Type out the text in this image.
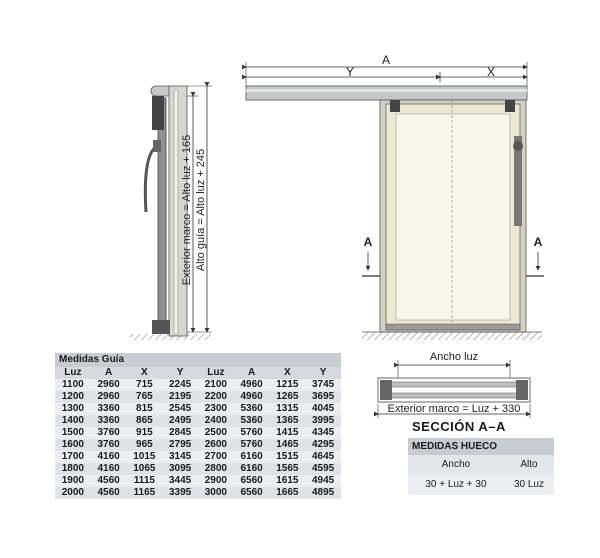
Exterior marco = Alto luz + 165 Alto guía = Alto luz + 245
A
Y	X
A	A
Ancho luz
Exterior marco = Luz + 330
Medidas Guía							
Luz	A	X	Y	Luz	A	X	Y
1100	2960	715	2245	2100	4960	1215	3745
1200	2960	765	2195	2200	4960	1265	3695
1300	3360	815	2545	2300	5360	1315	4045
1400	3360	865	2495	2400	5360	1365	3995
1500	3760	915	2845	2500	5760	1415	4345
1600	3760	965	2795	2600	5760	1465	4295
1700	4160	1015	3145	2700	6160	1515	4645
1800	4160	1065	3095	2800	6160	1565	4595
1900	4560	1115	3445	2900	6560	1615	4945
2000	4560	1165	3395	3000	6560	1665	4895
SECCIÓN A–A
MEDIDAS HUECO	
Ancho	Alto
30 + Luz + 30	30 Luz
